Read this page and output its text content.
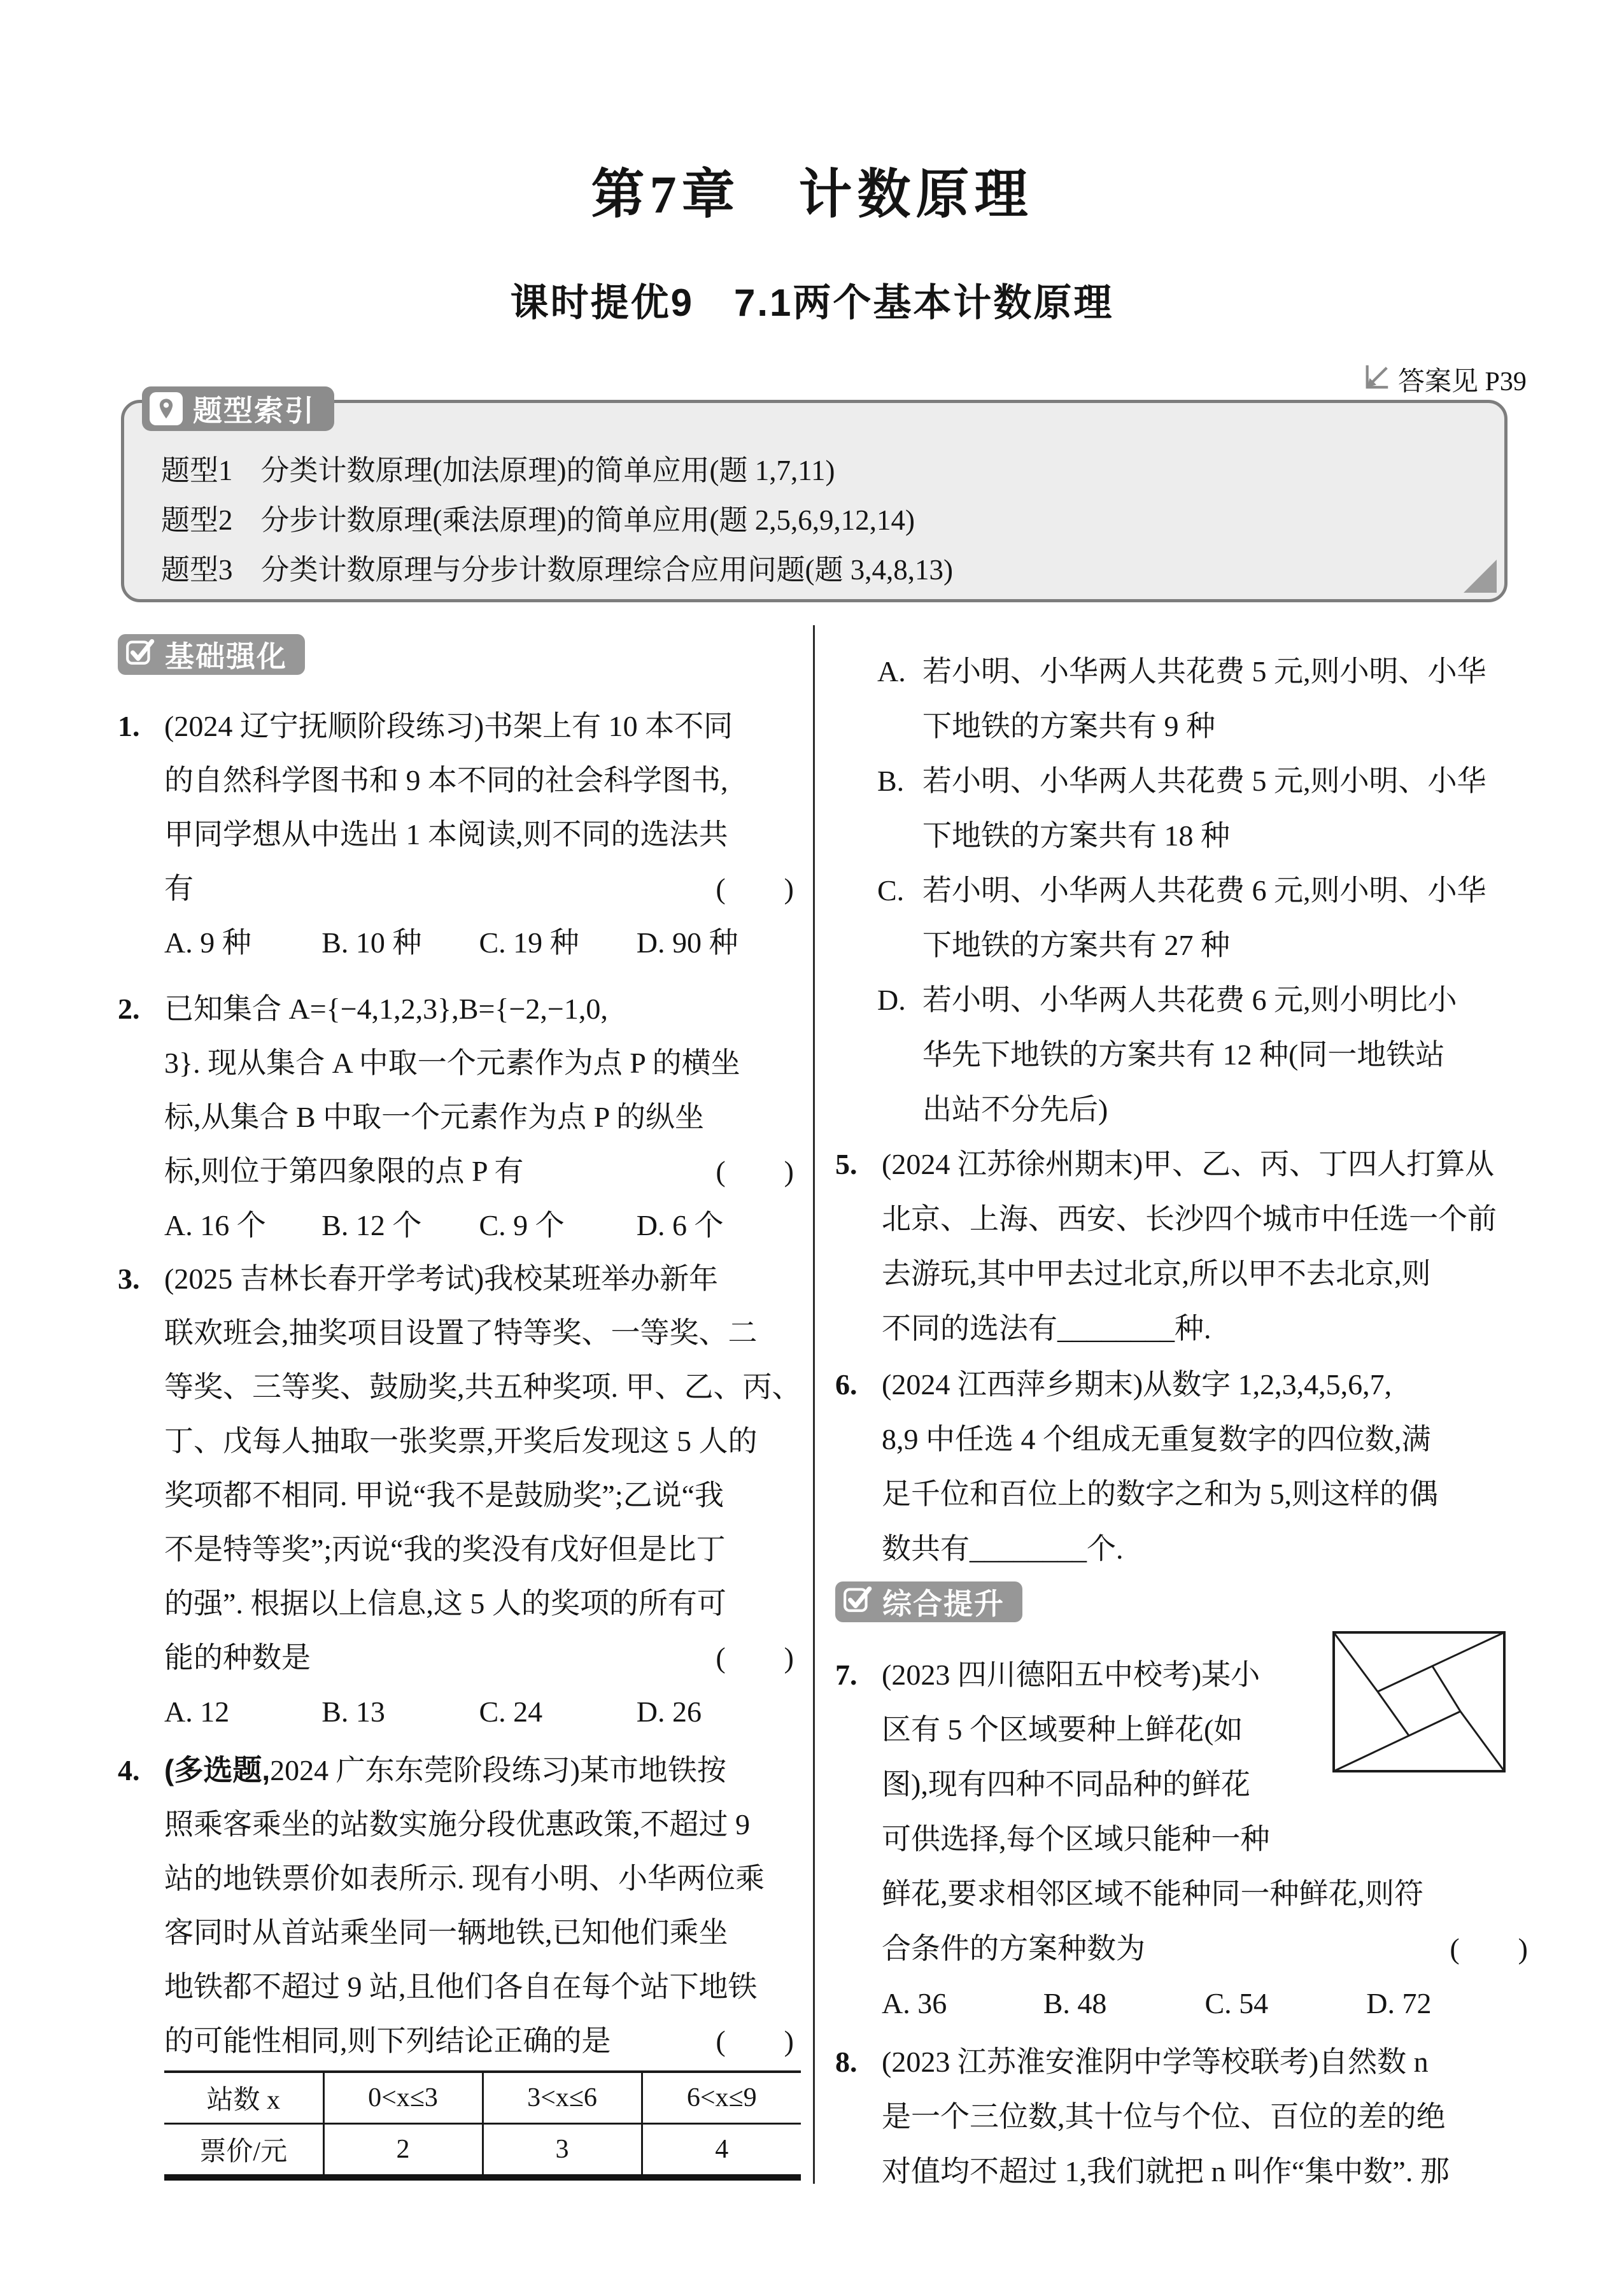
第7章　计数原理
课时提优9　7.1两个基本计数原理
答案见 P39
题型索引
题型1 分类计数原理(加法原理)的简单应用(题 1,7,11)
题型2 分步计数原理(乘法原理)的简单应用(题 2,5,6,9,12,14)
题型3 分类计数原理与分步计数原理综合应用问题(题 3,4,8,13)
基础强化
1. (2024 辽宁抚顺阶段练习)书架上有 10 本不同
的自然科学图书和 9 本不同的社会科学图书,
甲同学想从中选出 1 本阅读,则不同的选法共
有	(　　)
A. 9 种	B. 10 种	C. 19 种	D. 90 种
2. 已知集合 A={−4,1,2,3},B={−2,−1,0,
3}. 现从集合 A 中取一个元素作为点 P 的横坐
标,从集合 B 中取一个元素作为点 P 的纵坐
标,则位于第四象限的点 P 有	(　　)
A. 16 个	B. 12 个	C. 9 个	D. 6 个
3. (2025 吉林长春开学考试)我校某班举办新年
联欢班会,抽奖项目设置了特等奖、一等奖、二
等奖、三等奖、鼓励奖,共五种奖项. 甲、乙、丙、
丁、戊每人抽取一张奖票,开奖后发现这 5 人的
奖项都不相同. 甲说“我不是鼓励奖”;乙说“我
不是特等奖”;丙说“我的奖没有戊好但是比丁
的强”. 根据以上信息,这 5 人的奖项的所有可
能的种数是	(　　)
A. 12	B. 13	C. 24	D. 26
4. (多选题,2024 广东东莞阶段练习)某市地铁按
照乘客乘坐的站数实施分段优惠政策,不超过 9
站的地铁票价如表所示. 现有小明、小华两位乘
客同时从首站乘坐同一辆地铁,已知他们乘坐
地铁都不超过 9 站,且他们各自在每个站下地铁
的可能性相同,则下列结论正确的是	(　　)
站数 x	0<x≤3	3<x≤6	6<x≤9
票价/元	2	3	4
A. 若小明、小华两人共花费 5 元,则小明、小华
下地铁的方案共有 9 种
B. 若小明、小华两人共花费 5 元,则小明、小华
下地铁的方案共有 18 种
C. 若小明、小华两人共花费 6 元,则小明、小华
下地铁的方案共有 27 种
D. 若小明、小华两人共花费 6 元,则小明比小
华先下地铁的方案共有 12 种(同一地铁站
出站不分先后)
5. (2024 江苏徐州期末)甲、乙、丙、丁四人打算从
北京、上海、西安、长沙四个城市中任选一个前
去游玩,其中甲去过北京,所以甲不去北京,则
不同的选法有________种.
6. (2024 江西萍乡期末)从数字 1,2,3,4,5,6,7,
8,9 中任选 4 个组成无重复数字的四位数,满
足千位和百位上的数字之和为 5,则这样的偶
数共有________个.
综合提升
7. (2023 四川德阳五中校考)某小
区有 5 个区域要种上鲜花(如
图),现有四种不同品种的鲜花
可供选择,每个区域只能种一种
鲜花,要求相邻区域不能种同一种鲜花,则符
合条件的方案种数为	(　　)
A. 36	B. 48	C. 54	D. 72
8. (2023 江苏淮安淮阴中学等校联考)自然数 n
是一个三位数,其十位与个位、百位的差的绝
对值均不超过 1,我们就把 n 叫作“集中数”. 那
